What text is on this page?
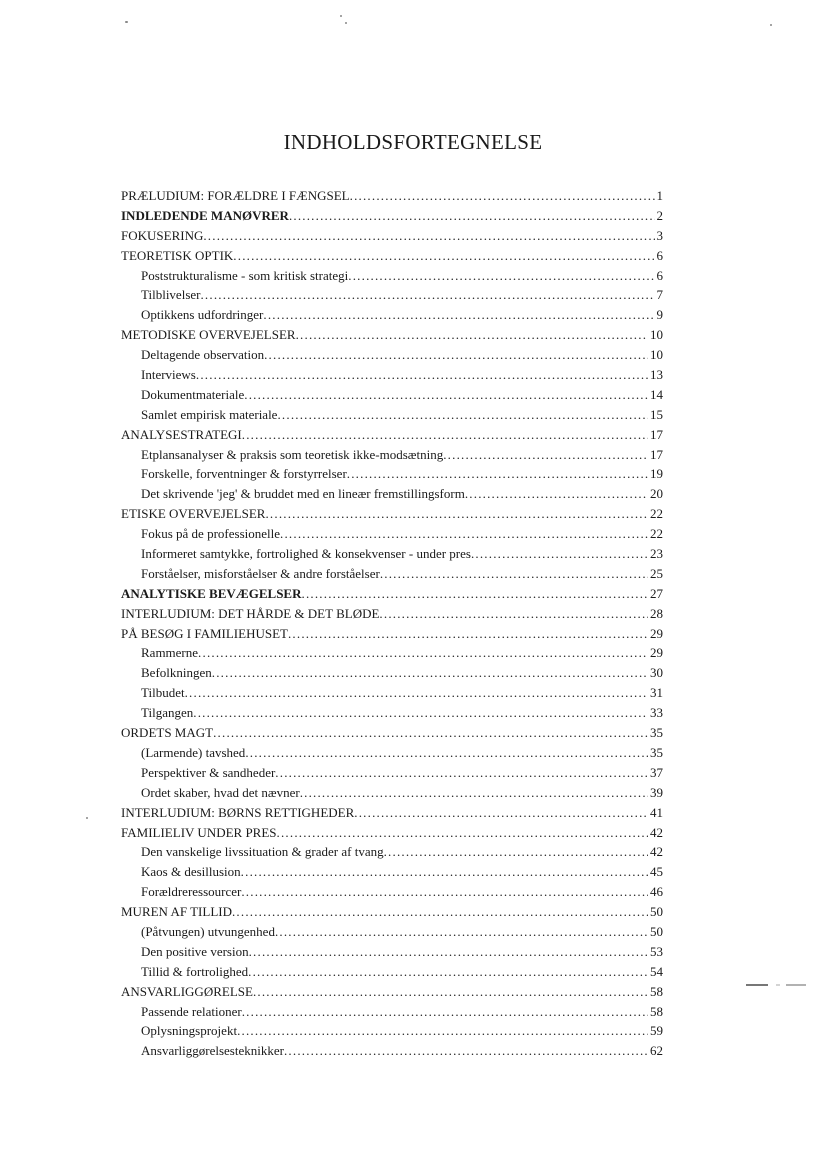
INDHOLDSFORTEGNELSE
PRÆLUDIUM: FORÆLDRE I FÆNGSEL .....	1
INDLEDENDE MANØVRER .....	2
FOKUSERING .....	3
TEORETISK OPTIK .....	6
Poststrukturalisme - som kritisk strategi .....	6
Tilblivelser .....	7
Optikkens udfordringer .....	9
METODISKE OVERVEJELSER .....	10
Deltagende observation .....	10
Interviews .....	13
Dokumentmateriale .....	14
Samlet empirisk materiale .....	15
ANALYSESTRATEGI .....	17
Etplansanalyser & praksis som teoretisk ikke-modsætning .....	17
Forskelle, forventninger & forstyrrelser .....	19
Det skrivende 'jeg' & bruddet med en lineær fremstillingsform .....	20
ETISKE OVERVEJELSER .....	22
Fokus på de professionelle .....	22
Informeret samtykke, fortrolighed & konsekvenser - under pres .....	23
Forståelser, misforståelser & andre forståelser .....	25
ANALYTISKE BEVÆGELSER .....	27
INTERLUDIUM: DET HÅRDE & DET BLØDE .....	28
PÅ BESØG I FAMILIEHUSET .....	29
Rammerne .....	29
Befolkningen .....	30
Tilbudet .....	31
Tilgangen .....	33
ORDETS MAGT .....	35
(Larmende) tavshed .....	35
Perspektiver & sandheder .....	37
Ordet skaber, hvad det nævner .....	39
INTERLUDIUM: BØRNS RETTIGHEDER .....	41
FAMILIELIV UNDER PRES .....	42
Den vanskelige livssituation & grader af tvang .....	42
Kaos & desillusion .....	45
Forældreressourcer .....	46
MUREN AF TILLID .....	50
(Påtvungen) utvungenhed .....	50
Den positive version .....	53
Tillid & fortrolighed .....	54
ANSVARLIGGØRELSE .....	58
Passende relationer .....	58
Oplysningsprojekt .....	59
Ansvarliggørelsesteknikker .....	62
